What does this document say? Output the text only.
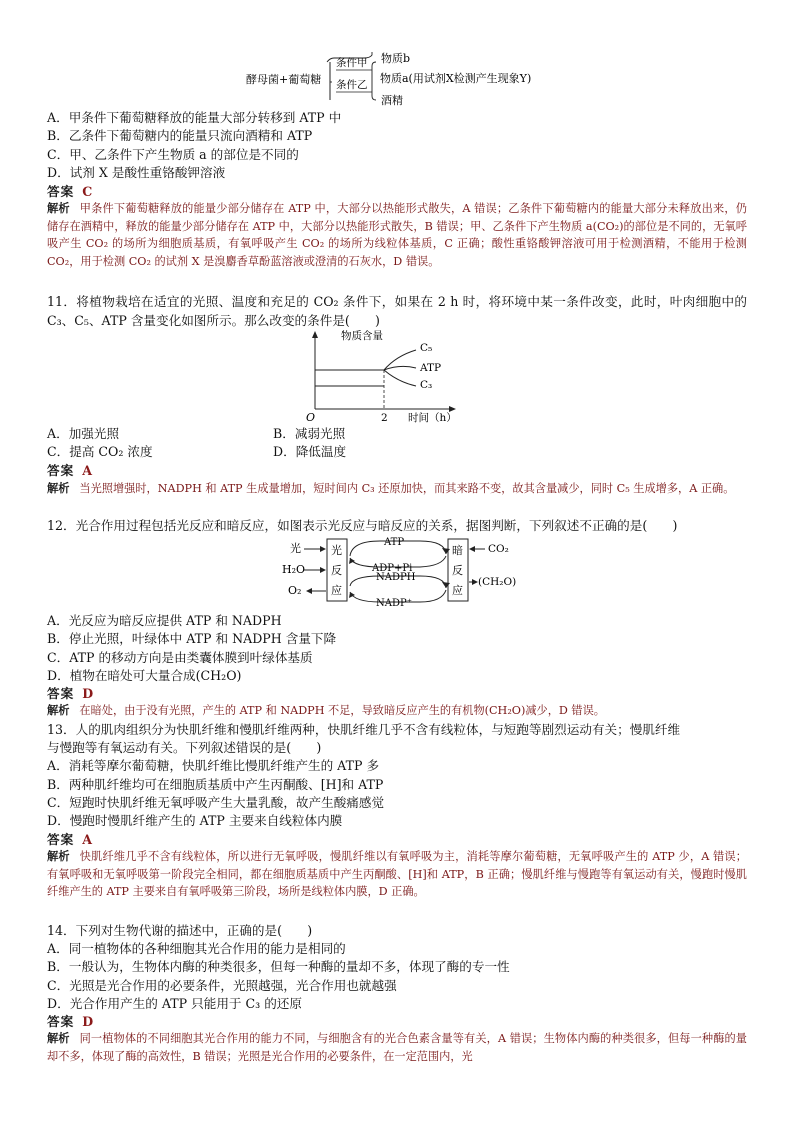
酵母菌+葡萄糖
条件甲
条件乙
物质b
物质a(用试剂X检测产生现象Y)
酒精
A．甲条件下葡萄糖释放的能量大部分转移到 ATP 中
B．乙条件下葡萄糖内的能量只流向酒精和 ATP
C．甲、乙条件下产生物质 a 的部位是不同的
D．试剂 X 是酸性重铬酸钾溶液
答案 C
解析 甲条件下葡萄糖释放的能量少部分储存在 ATP 中，大部分以热能形式散失，A 错误；乙条件下葡萄糖内的能量大部分未释放出来，仍储存在酒精中，释放的能量少部分储存在 ATP 中，大部分以热能形式散失，B 错误；甲、乙条件下产生物质 a(CO₂)的部位是不同的，无氧呼吸产生 CO₂ 的场所为细胞质基质，有氧呼吸产生 CO₂ 的场所为线粒体基质，C 正确；酸性重铬酸钾溶液可用于检测酒精，不能用于检测 CO₂，用于检测 CO₂ 的试剂 X 是溴麝香草酚蓝溶液或澄清的石灰水，D 错误。
11．将植物栽培在适宜的光照、温度和充足的 CO₂ 条件下，如果在 2 h 时，将环境中某一条件改变，此时，叶肉细胞中的 C₃、C₅、ATP 含量变化如图所示。那么改变的条件是(　　)
物质含量
C₅
ATP
C₃
O	2 时间（h）
A．加强光照	B．减弱光照
C．提高 CO₂ 浓度	D．降低温度
答案 A
解析 当光照增强时，NADPH 和 ATP 生成量增加，短时间内 C₃ 还原加快，而其来路不变，故其含量减少，同时 C₅ 生成增多，A 正确。
12．光合作用过程包括光反应和暗反应，如图表示光反应与暗反应的关系，据图判断，下列叙述不正确的是(　　)
光
H₂O
O₂
光
反
应
ATP
ADP+Pi
NADPH
NADP⁺
暗
反
应
CO₂
(CH₂O)
A．光反应为暗反应提供 ATP 和 NADPH
B．停止光照，叶绿体中 ATP 和 NADPH 含量下降
C．ATP 的移动方向是由类囊体膜到叶绿体基质
D．植物在暗处可大量合成(CH₂O)
答案 D
解析 在暗处，由于没有光照，产生的 ATP 和 NADPH 不足，导致暗反应产生的有机物(CH₂O)减少，D 错误。
13．人的肌肉组织分为快肌纤维和慢肌纤维两种，快肌纤维几乎不含有线粒体，与短跑等剧烈运动有关；慢肌纤维
与慢跑等有氧运动有关。下列叙述错误的是(　　)
A．消耗等摩尔葡萄糖，快肌纤维比慢肌纤维产生的 ATP 多
B．两种肌纤维均可在细胞质基质中产生丙酮酸、[H]和 ATP
C．短跑时快肌纤维无氧呼吸产生大量乳酸，故产生酸痛感觉
D．慢跑时慢肌纤维产生的 ATP 主要来自线粒体内膜
答案 A
解析 快肌纤维几乎不含有线粒体，所以进行无氧呼吸，慢肌纤维以有氧呼吸为主，消耗等摩尔葡萄糖，无氧呼吸产生的 ATP 少，A 错误；有氧呼吸和无氧呼吸第一阶段完全相同，都在细胞质基质中产生丙酮酸、[H]和 ATP，B 正确；慢肌纤维与慢跑等有氧运动有关，慢跑时慢肌纤维产生的 ATP 主要来自有氧呼吸第三阶段，场所是线粒体内膜，D 正确。
14．下列对生物代谢的描述中，正确的是(　　)
A．同一植物体的各种细胞其光合作用的能力是相同的
B．一般认为，生物体内酶的种类很多，但每一种酶的量却不多，体现了酶的专一性
C．光照是光合作用的必要条件，光照越强，光合作用也就越强
D．光合作用产生的 ATP 只能用于 C₃ 的还原
答案 D
解析 同一植物体的不同细胞其光合作用的能力不同，与细胞含有的光合色素含量等有关，A 错误；生物体内酶的种类很多，但每一种酶的量却不多，体现了酶的高效性，B 错误；光照是光合作用的必要条件，在一定范围内，光
